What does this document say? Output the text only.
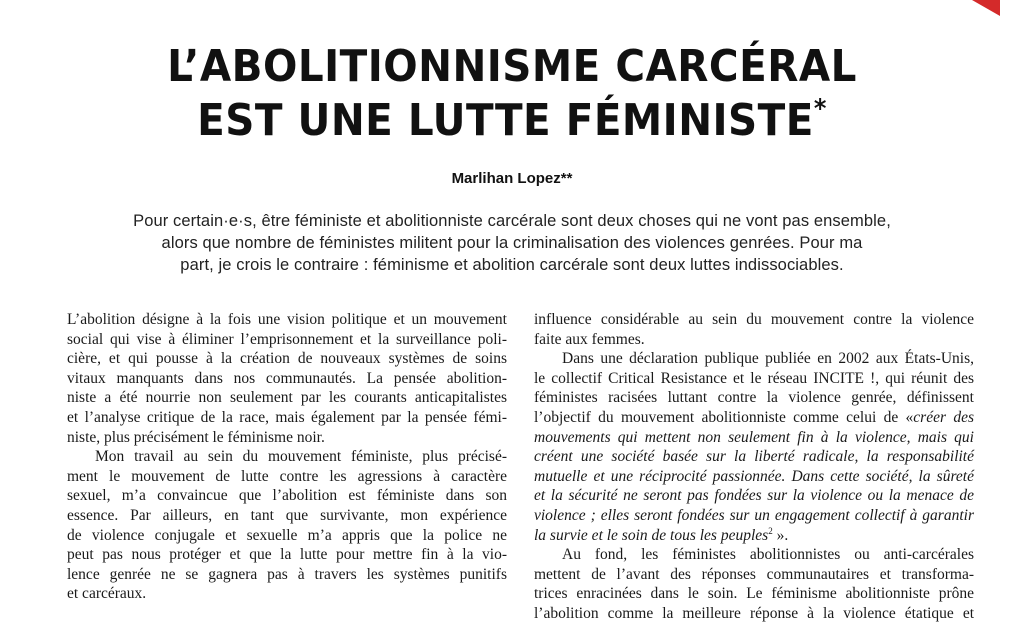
L’ABOLITIONNISME CARCÉRAL
EST UNE LUTTE FÉMINISTE*
Marlihan Lopez**
Pour certain·e·s, être féministe et abolitionniste carcérale sont deux choses qui ne vont pas ensemble,
alors que nombre de féministes militent pour la criminalisation des violences genrées. Pour ma
part, je crois le contraire : féminisme et abolition carcérale sont deux luttes indissociables.
L’abolition désigne à la fois une vision politique et un mouvement
social qui vise à éliminer l’emprisonnement et la surveillance poli-
cière, et qui pousse à la création de nouveaux systèmes de soins
vitaux manquants dans nos communautés. La pensée abolition-
niste a été nourrie non seulement par les courants anticapitalistes
et l’analyse critique de la race, mais également par la pensée fémi-
niste, plus précisément le féminisme noir.
Mon travail au sein du mouvement féministe, plus précisé-
ment le mouvement de lutte contre les agressions à caractère
sexuel, m’a convaincue que l’abolition est féministe dans son
essence. Par ailleurs, en tant que survivante, mon expérience
de violence conjugale et sexuelle m’a appris que la police ne
peut pas nous protéger et que la lutte pour mettre fin à la vio-
lence genrée ne se gagnera pas à travers les systèmes punitifs
et carcéraux.
influence considérable au sein du mouvement contre la violence
faite aux femmes.
Dans une déclaration publique publiée en 2002 aux États-Unis,
le collectif Critical Resistance et le réseau INCITE !, qui réunit des
féministes racisées luttant contre la violence genrée, définissent
l’objectif du mouvement abolitionniste comme celui de «créer des
mouvements qui mettent non seulement fin à la violence, mais qui
créent une société basée sur la liberté radicale, la responsabilité
mutuelle et une réciprocité passionnée. Dans cette société, la sûreté
et la sécurité ne seront pas fondées sur la violence ou la menace de
violence ; elles seront fondées sur un engagement collectif à garantir
la survie et le soin de tous les peuples$^2$ ».
Au fond, les féministes abolitionnistes ou anti-carcérales
mettent de l’avant des réponses communautaires et transforma-
trices enracinées dans le soin. Le féminisme abolitionniste prône
l’abolition comme la meilleure réponse à la violence étatique et
